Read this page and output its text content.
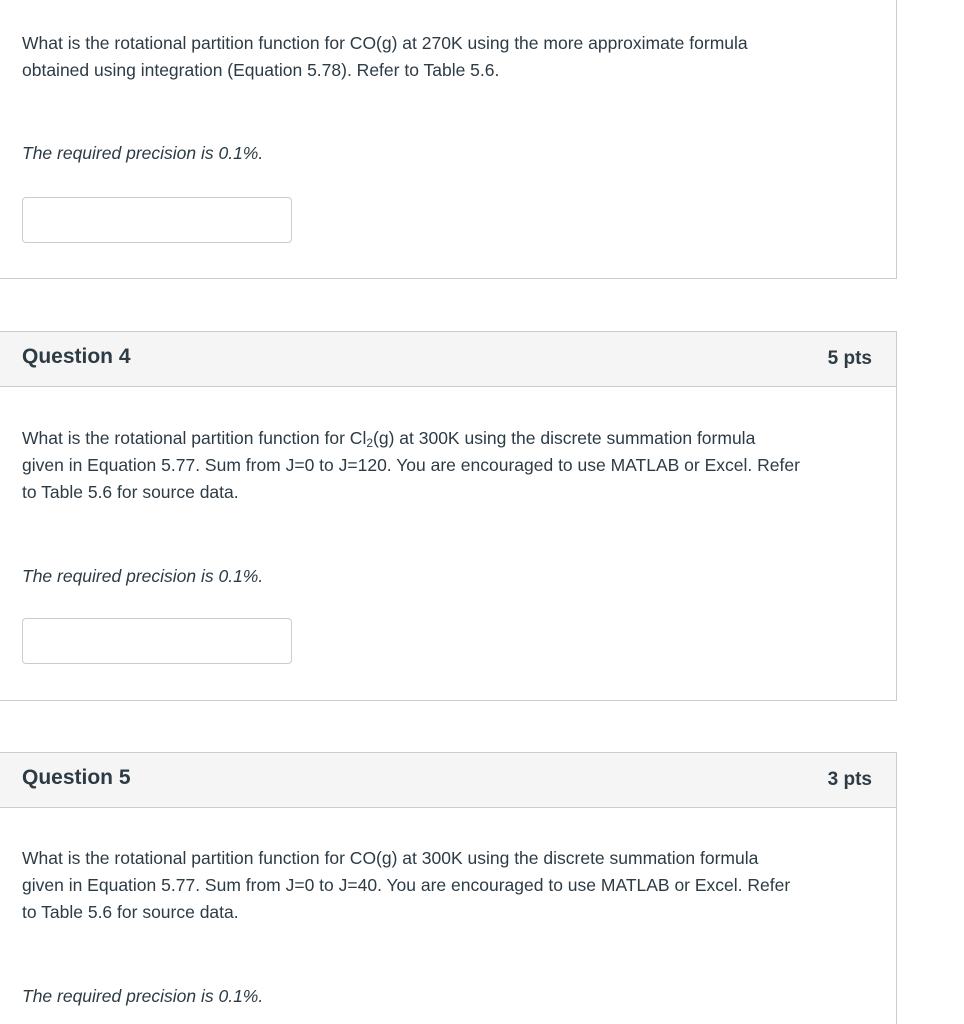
What is the rotational partition function for CO(g) at 270K using the more approximate formula
obtained using integration (Equation 5.78). Refer to Table 5.6.
The required precision is 0.1%.
Question 4	5 pts
What is the rotational partition function for $Cl_2(g)$ at 300K using the discrete summation formula
given in Equation 5.77. Sum from J=0 to J=120. You are encouraged to use MATLAB or Excel. Refer
to Table 5.6 for source data.
The required precision is 0.1%.
Question 5	3 pts
What is the rotational partition function for CO(g) at 300K using the discrete summation formula
given in Equation 5.77. Sum from J=0 to J=40. You are encouraged to use MATLAB or Excel. Refer
to Table 5.6 for source data.
The required precision is 0.1%.
